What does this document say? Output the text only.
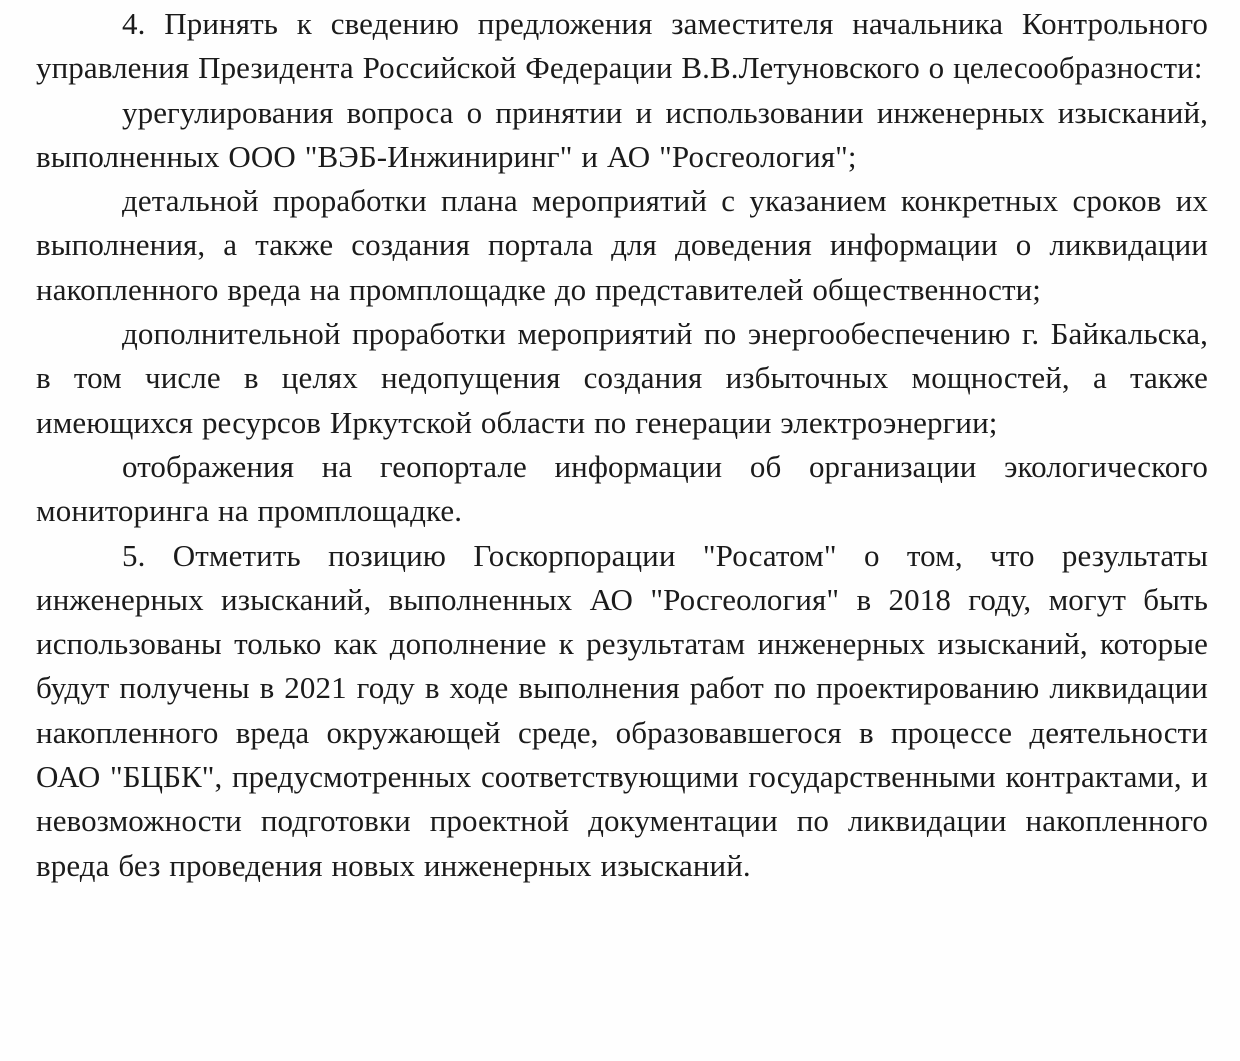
4. Принять к сведению предложения заместителя начальника Контрольного управления Президента Российской Федерации В.В.Летуновского о целесообразности:

урегулирования вопроса о принятии и использовании инженерных изысканий, выполненных ООО "ВЭБ-Инжиниринг" и АО "Росгеология";

детальной проработки плана мероприятий с указанием конкретных сроков их выполнения, а также создания портала для доведения информации о ликвидации накопленного вреда на промплощадке до представителей общественности;

дополнительной проработки мероприятий по энергообеспечению г. Байкальска, в том числе в целях недопущения создания избыточных мощностей, а также имеющихся ресурсов Иркутской области по генерации электроэнергии;

отображения на геопортале информации об организации экологического мониторинга на промплощадке.

5. Отметить позицию Госкорпорации "Росатом" о том, что результаты инженерных изысканий, выполненных АО "Росгеология" в 2018 году, могут быть использованы только как дополнение к результатам инженерных изысканий, которые будут получены в 2021 году в ходе выполнения работ по проектированию ликвидации накопленного вреда окружающей среде, образовавшегося в процессе деятельности ОАО "БЦБК", предусмотренных соответствующими государственными контрактами, и невозможности подготовки проектной документации по ликвидации накопленного вреда без проведения новых инженерных изысканий.
